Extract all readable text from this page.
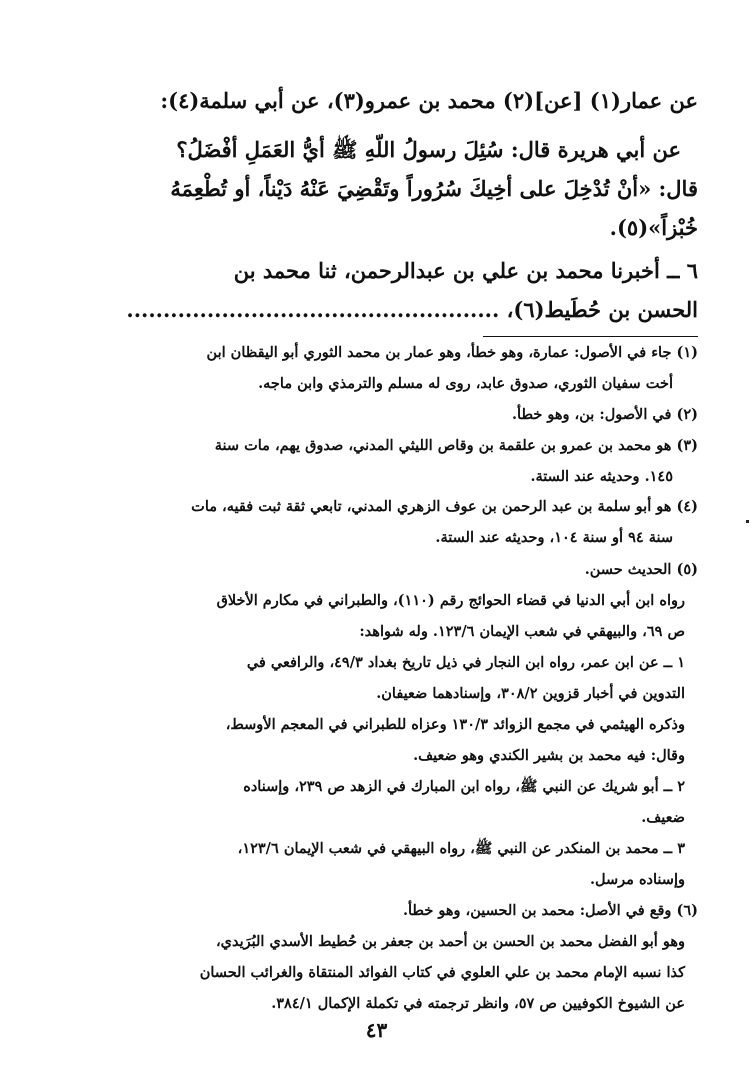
عن عمار(١) [عن](٢) محمد بن عمرو(٣)، عن أبي سلمة(٤):
عن أبي هريرة قال: سُئِلَ رسولُ اللّهِ ﷺ أيُّ العَمَلِ أفْضَلُ؟
قال: «أنْ تُدْخِلَ على أخِيكَ سُرُوراً وتَقْضِيَ عَنْهُ دَيْناً، أو تُطْعِمَهُ
خُبْزاً»(٥).
٦ ــ أخبرنا محمد بن علي بن عبدالرحمن، ثنا محمد بن
الحسن بن حُطَيط(٦)، ...................................................
(١) جاء في الأصول: عمارة، وهو خطأ، وهو عمار بن محمد الثوري أبو اليقظان ابن
أخت سفيان الثوري، صدوق عابد، روى له مسلم والترمذي وابن ماجه.
(٢) في الأصول: بن، وهو خطأ.
(٣) هو محمد بن عمرو بن علقمة بن وقاص الليثي المدني، صدوق يهم، مات سنة
١٤٥. وحديثه عند الستة.
(٤) هو أبو سلمة بن عبد الرحمن بن عوف الزهري المدني، تابعي ثقة ثبت فقيه، مات
سنة ٩٤ أو سنة ١٠٤، وحديثه عند الستة.
(٥) الحديث حسن.
رواه ابن أبي الدنيا في قضاء الحوائج رقم (١١٠)، والطبراني في مكارم الأخلاق
ص ٦٩، والبيهقي في شعب الإيمان ١٢٣/٦. وله شواهد:
١ ــ عن ابن عمر، رواه ابن النجار في ذيل تاريخ بغداد ٤٩/٣، والرافعي في
التدوين في أخبار قزوين ٣٠٨/٢، وإسنادهما ضعيفان.
وذكره الهيثمي في مجمع الزوائد ١٣٠/٣ وعزاه للطبراني في المعجم الأوسط،
وقال: فيه محمد بن بشير الكندي وهو ضعيف.
٢ ــ أبو شريك عن النبي ﷺ، رواه ابن المبارك في الزهد ص ٢٣٩، وإسناده
ضعيف.
٣ ــ محمد بن المنكدر عن النبي ﷺ، رواه البيهقي في شعب الإيمان ١٢٣/٦،
وإسناده مرسل.
(٦) وقع في الأصل: محمد بن الحسين، وهو خطأ.
وهو أبو الفضل محمد بن الحسن بن أحمد بن جعفر بن حُطيط الأسدي البُرَيدي،
كذا نسبه الإمام محمد بن علي العلوي في كتاب الفوائد المنتقاة والغرائب الحسان
عن الشيوخ الكوفيين ص ٥٧، وانظر ترجمته في تكملة الإكمال ٣٨٤/١.
٤٣
